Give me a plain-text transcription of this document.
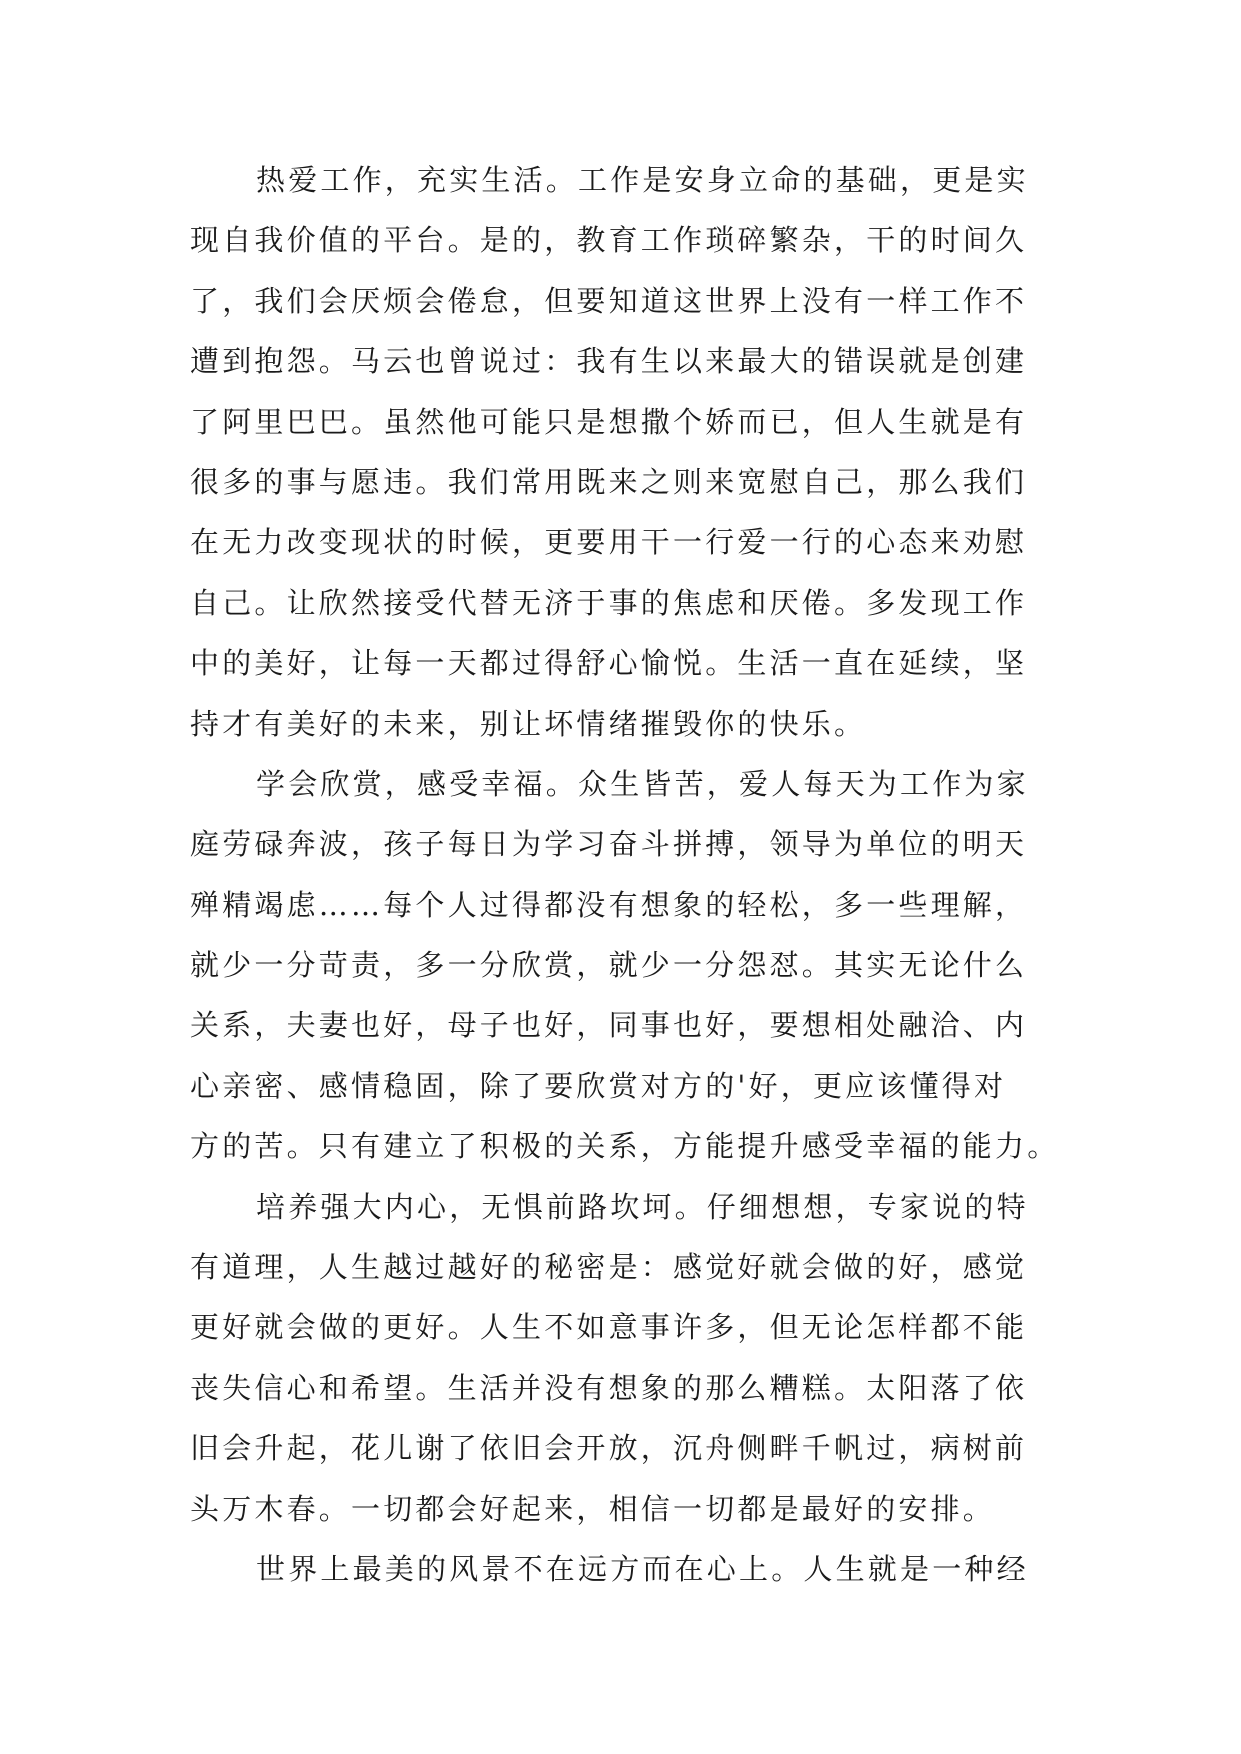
热爱工作，充实生活。工作是安身立命的基础，更是实
现自我价值的平台。是的，教育工作琐碎繁杂，干的时间久
了，我们会厌烦会倦怠，但要知道这世界上没有一样工作不
遭到抱怨。马云也曾说过：我有生以来最大的错误就是创建
了阿里巴巴。虽然他可能只是想撒个娇而已，但人生就是有
很多的事与愿违。我们常用既来之则来宽慰自己，那么我们
在无力改变现状的时候，更要用干一行爱一行的心态来劝慰
自己。让欣然接受代替无济于事的焦虑和厌倦。多发现工作
中的美好，让每一天都过得舒心愉悦。生活一直在延续，坚
持才有美好的未来，别让坏情绪摧毁你的快乐。

学会欣赏，感受幸福。众生皆苦，爱人每天为工作为家
庭劳碌奔波，孩子每日为学习奋斗拼搏，领导为单位的明天
殚精竭虑……每个人过得都没有想象的轻松，多一些理解，
就少一分苛责，多一分欣赏，就少一分怨怼。其实无论什么
关系，夫妻也好，母子也好，同事也好，要想相处融洽、内
心亲密、感情稳固，除了要欣赏对方的'好，更应该懂得对
方的苦。只有建立了积极的关系，方能提升感受幸福的能力。

培养强大内心，无惧前路坎坷。仔细想想，专家说的特
有道理，人生越过越好的秘密是：感觉好就会做的好，感觉
更好就会做的更好。人生不如意事许多，但无论怎样都不能
丧失信心和希望。生活并没有想象的那么糟糕。太阳落了依
旧会升起，花儿谢了依旧会开放，沉舟侧畔千帆过，病树前
头万木春。一切都会好起来，相信一切都是最好的安排。

世界上最美的风景不在远方而在心上。人生就是一种经
